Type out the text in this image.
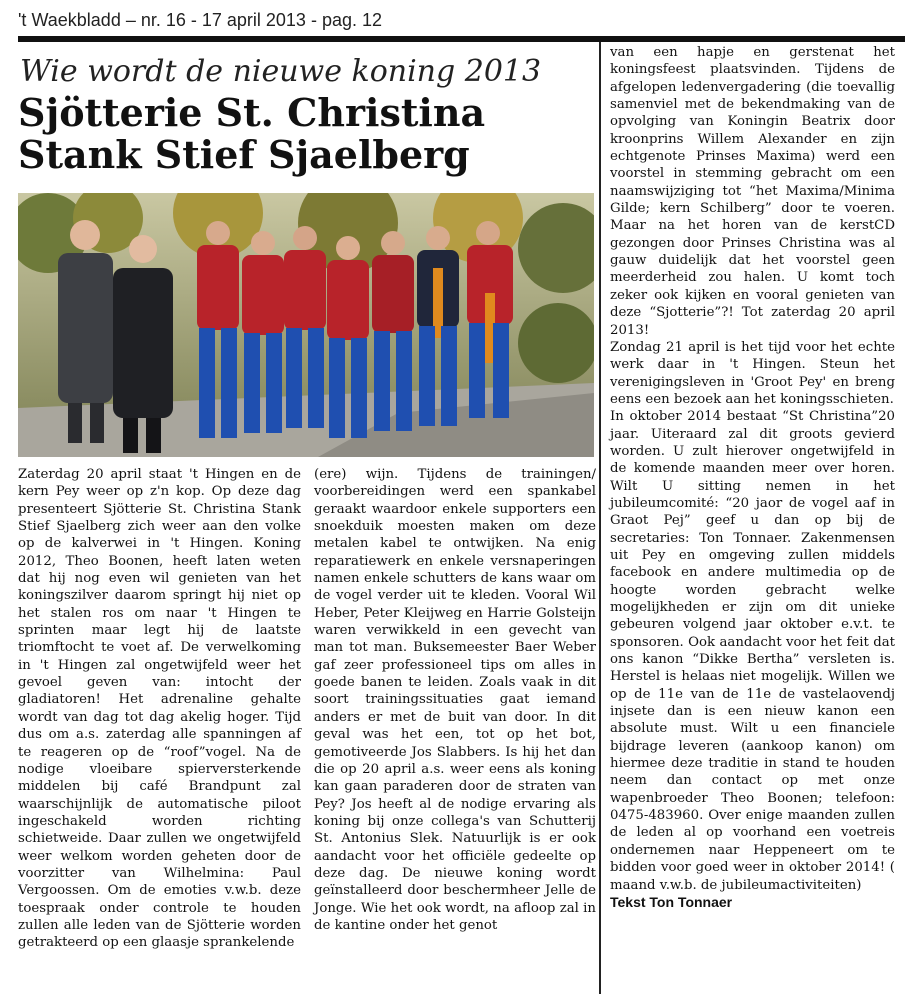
't Waekbladd – nr. 16 - 17 april 2013 - pag. 12
Wie wordt de nieuwe koning 2013
Sjötterie St. Christina
Stank Stief Sjaelberg

Zaterdag 20 april staat 't Hingen en de kern Pey weer op z'n kop. Op deze dag presenteert Sjötterie St. Christina Stank Stief Sjaelberg zich weer aan den volke op de kalverwei in 't Hingen. Koning 2012, Theo Boonen, heeft laten weten dat hij nog even wil genieten van het koningszilver daarom springt hij niet op het stalen ros om naar 't Hingen te sprinten maar legt hij de laatste triomftocht te voet af. De verwelkoming in 't Hingen zal ongetwijfeld weer het gevoel geven van: intocht der gladiatoren! Het adrenaline gehalte wordt van dag tot dag akelig hoger. Tijd dus om a.s. zaterdag alle spanningen af te reageren op de “roof”vogel. Na de nodige vloeibare spierversterkende middelen bij café Brandpunt zal waarschijnlijk de automatische piloot ingeschakeld worden richting schietweide. Daar zullen we ongetwijfeld weer welkom worden geheten door de voorzitter van Wilhelmina: Paul Vergoossen. Om de emoties v.w.b. deze toespraak onder controle te houden zullen alle leden van de Sjötterie worden getrakteerd op een glaasje sprankelende

(ere) wijn. Tijdens de trainingen/ voorbereidingen werd een spankabel geraakt waardoor enkele supporters een snoekduik moesten maken om deze metalen kabel te ontwijken. Na enig reparatiewerk en enkele versnaperingen namen enkele schutters de kans waar om de vogel verder uit te kleden. Vooral Wil Heber, Peter Kleijweg en Harrie Golsteijn waren verwikkeld in een gevecht van man tot man. Buksemeester Baer Weber gaf zeer professioneel tips om alles in goede banen te leiden. Zoals vaak in dit soort trainingssituaties gaat iemand anders er met de buit van door. In dit geval was het een, tot op het bot, gemotiveerde Jos Slabbers. Is hij het dan die op 20 april a.s. weer eens als koning kan gaan paraderen door de straten van Pey? Jos heeft al de nodige ervaring als koning bij onze collega's van Schutterij St. Antonius Slek. Natuurlijk is er ook aandacht voor het officiële gedeelte op deze dag. De nieuwe koning wordt geïnstalleerd door beschermheer Jelle de Jonge. Wie het ook wordt, na afloop zal in de kantine onder het genot

van een hapje en gerstenat het koningsfeest plaatsvinden. Tijdens de afgelopen ledenvergadering (die toevallig samenviel met de bekendmaking van de opvolging van Koningin Beatrix door kroonprins Willem Alexander en zijn echtgenote Prinses Maxima) werd een voorstel in stemming gebracht om een naamswijziging tot “het Maxima/Minima Gilde; kern Schilberg” door te voeren. Maar na het horen van de kerstCD gezongen door Prinses Christina was al gauw duidelijk dat het voorstel geen meerderheid zou halen. U komt toch zeker ook kijken en vooral genieten van deze “Sjotterie”?! Tot zaterdag 20 april 2013!

Zondag 21 april is het tijd voor het echte werk daar in 't Hingen. Steun het verenigingsleven in 'Groot Pey' en breng eens een bezoek aan het koningsschieten.

In oktober 2014 bestaat “St Christina”20 jaar. Uiteraard zal dit groots gevierd worden. U zult hierover ongetwijfeld in de komende maanden meer over horen. Wilt U sitting nemen in het jubileumcomité: “20 jaor de vogel aaf in Graot Pej” geef u dan op bij de secretaries: Ton Tonnaer. Zakenmensen uit Pey en omgeving zullen middels facebook en andere multimedia op de hoogte worden gebracht welke mogelijkheden er zijn om dit unieke gebeuren volgend jaar oktober e.v.t. te sponsoren. Ook aandacht voor het feit dat ons kanon “Dikke Bertha” versleten is. Herstel is helaas niet mogelijk. Willen we op de 11e van de 11e de vastelaovendj injsete dan is een nieuw kanon een absolute must. Wilt u een financiele bijdrage leveren (aankoop kanon) om hiermee deze traditie in stand te houden neem dan contact op met onze wapenbroeder Theo Boonen; telefoon: 0475-483960. Over enige maanden zullen de leden al op voorhand een voetreis ondernemen naar Heppeneert om te bidden voor goed weer in oktober 2014! ( maand v.w.b. de jubileumactiviteiten)

Tekst Ton Tonnaer
